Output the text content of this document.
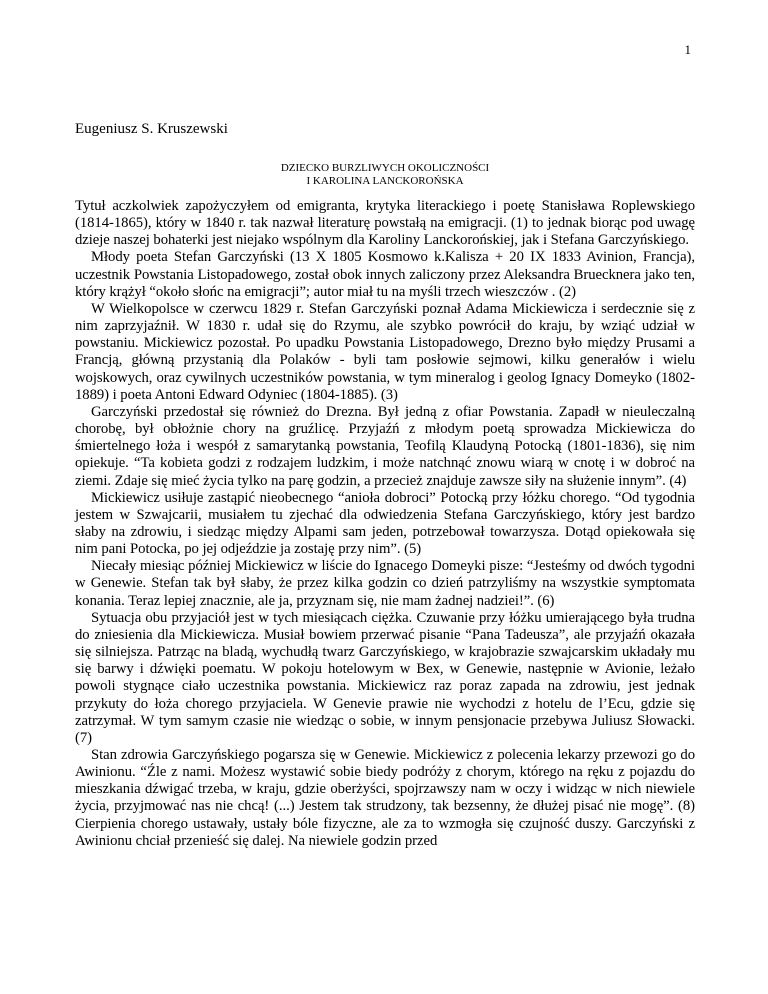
1
Eugeniusz S. Kruszewski
DZIECKO BURZLIWYCH OKOLICZNOŚCI
I KAROLINA LANCKOROŃSKA

Tytuł aczkolwiek zapożyczyłem od emigranta, krytyka literackiego i poetę Stanisława Roplewskiego (1814-1865), który w 1840 r. tak nazwał literaturę powstałą na emigracji. (1) to jednak biorąc pod uwagę dzieje naszej bohaterki jest niejako wspólnym dla Karoliny Lanckorońskiej, jak i Stefana Garczyńskiego.

Młody poeta Stefan Garczyński (13 X 1805 Kosmowo k.Kalisza + 20 IX 1833 Avinion, Francja), uczestnik Powstania Listopadowego, został obok innych zaliczony przez Aleksandra Bruecknera jako ten, który krążył “około słońc na emigracji”; autor miał tu na myśli trzech wieszczów . (2)

W Wielkopolsce w czerwcu 1829 r. Stefan Garczyński poznał Adama Mickiewicza i serdecznie się z nim zaprzyjaźnił. W 1830 r. udał się do Rzymu, ale szybko powrócił do kraju, by wziąć udział w powstaniu. Mickiewicz pozostał. Po upadku Powstania Listopadowego, Drezno było między Prusami a Francją, główną przystanią dla Polaków - byli tam posłowie sejmowi, kilku generałów i wielu wojskowych, oraz cywilnych uczestników powstania, w tym mineralog i geolog Ignacy Domeyko (1802-1889) i poeta Antoni Edward Odyniec (1804-1885). (3)

Garczyński przedostał się również do Drezna. Był jedną z ofiar Powstania. Zapadł w nieuleczalną chorobę, był obłożnie chory na gruźlicę. Przyjaźń z młodym poetą sprowadza Mickiewicza do śmiertelnego łoża i wespół z samarytanką powstania, Teofilą Klaudyną Potocką (1801-1836), się nim opiekuje. “Ta kobieta godzi z rodzajem ludzkim, i może natchnąć znowu wiarą w cnotę i w dobroć na ziemi. Zdaje się mieć życia tylko na parę godzin, a przecież znajduje zawsze siły na służenie innym”. (4)

Mickiewicz usiłuje zastąpić nieobecnego “anioła dobroci” Potocką przy łóżku chorego. “Od tygodnia jestem w Szwajcarii, musiałem tu zjechać dla odwiedzenia Stefana Garczyńskiego, który jest bardzo słaby na zdrowiu, i siedząc między Alpami sam jeden, potrzebował towarzysza. Dotąd opiekowała się nim pani Potocka, po jej odjeździe ja zostaję przy nim”. (5)

Niecały miesiąc później Mickiewicz w liście do Ignacego Domeyki pisze: “Jesteśmy od dwóch tygodni w Genewie. Stefan tak był słaby, że przez kilka godzin co dzień patrzyliśmy na wszystkie symptomata konania. Teraz lepiej znacznie, ale ja, przyznam się, nie mam żadnej nadziei!”. (6)

Sytuacja obu przyjaciół jest w tych miesiącach ciężka. Czuwanie przy łóżku umierającego była trudna do zniesienia dla Mickiewicza. Musiał bowiem przerwać pisanie “Pana Tadeusza”, ale przyjaźń okazała się silniejsza. Patrząc na bladą, wychudłą twarz Garczyńskiego, w krajobrazie szwajcarskim układały mu się barwy i dźwięki poematu. W pokoju hotelowym w Bex, w Genewie, następnie w Avionie, leżało powoli stygnące ciało uczestnika powstania. Mickiewicz raz poraz zapada na zdrowiu, jest jednak przykuty do łoża chorego przyjaciela. W Genevie prawie nie wychodzi z hotelu de l’Ecu, gdzie się zatrzymał. W tym samym czasie nie wiedząc o sobie, w innym pensjonacie przebywa Juliusz Słowacki. (7)

Stan zdrowia Garczyńskiego pogarsza się w Genewie. Mickiewicz z polecenia lekarzy przewozi go do Awinionu. “Źle z nami. Możesz wystawić sobie biedy podróży z chorym, którego na ręku z pojazdu do mieszkania dźwigać trzeba, w kraju, gdzie oberżyści, spojrzawszy nam w oczy i widząc w nich niewiele życia, przyjmować nas nie chcą! (...) Jestem tak strudzony, tak bezsenny, że dłużej pisać nie mogę”. (8) Cierpienia chorego ustawały, ustały bóle fizyczne, ale za to wzmogła się czujność duszy. Garczyński z Awinionu chciał przenieść się dalej. Na niewiele godzin przed
